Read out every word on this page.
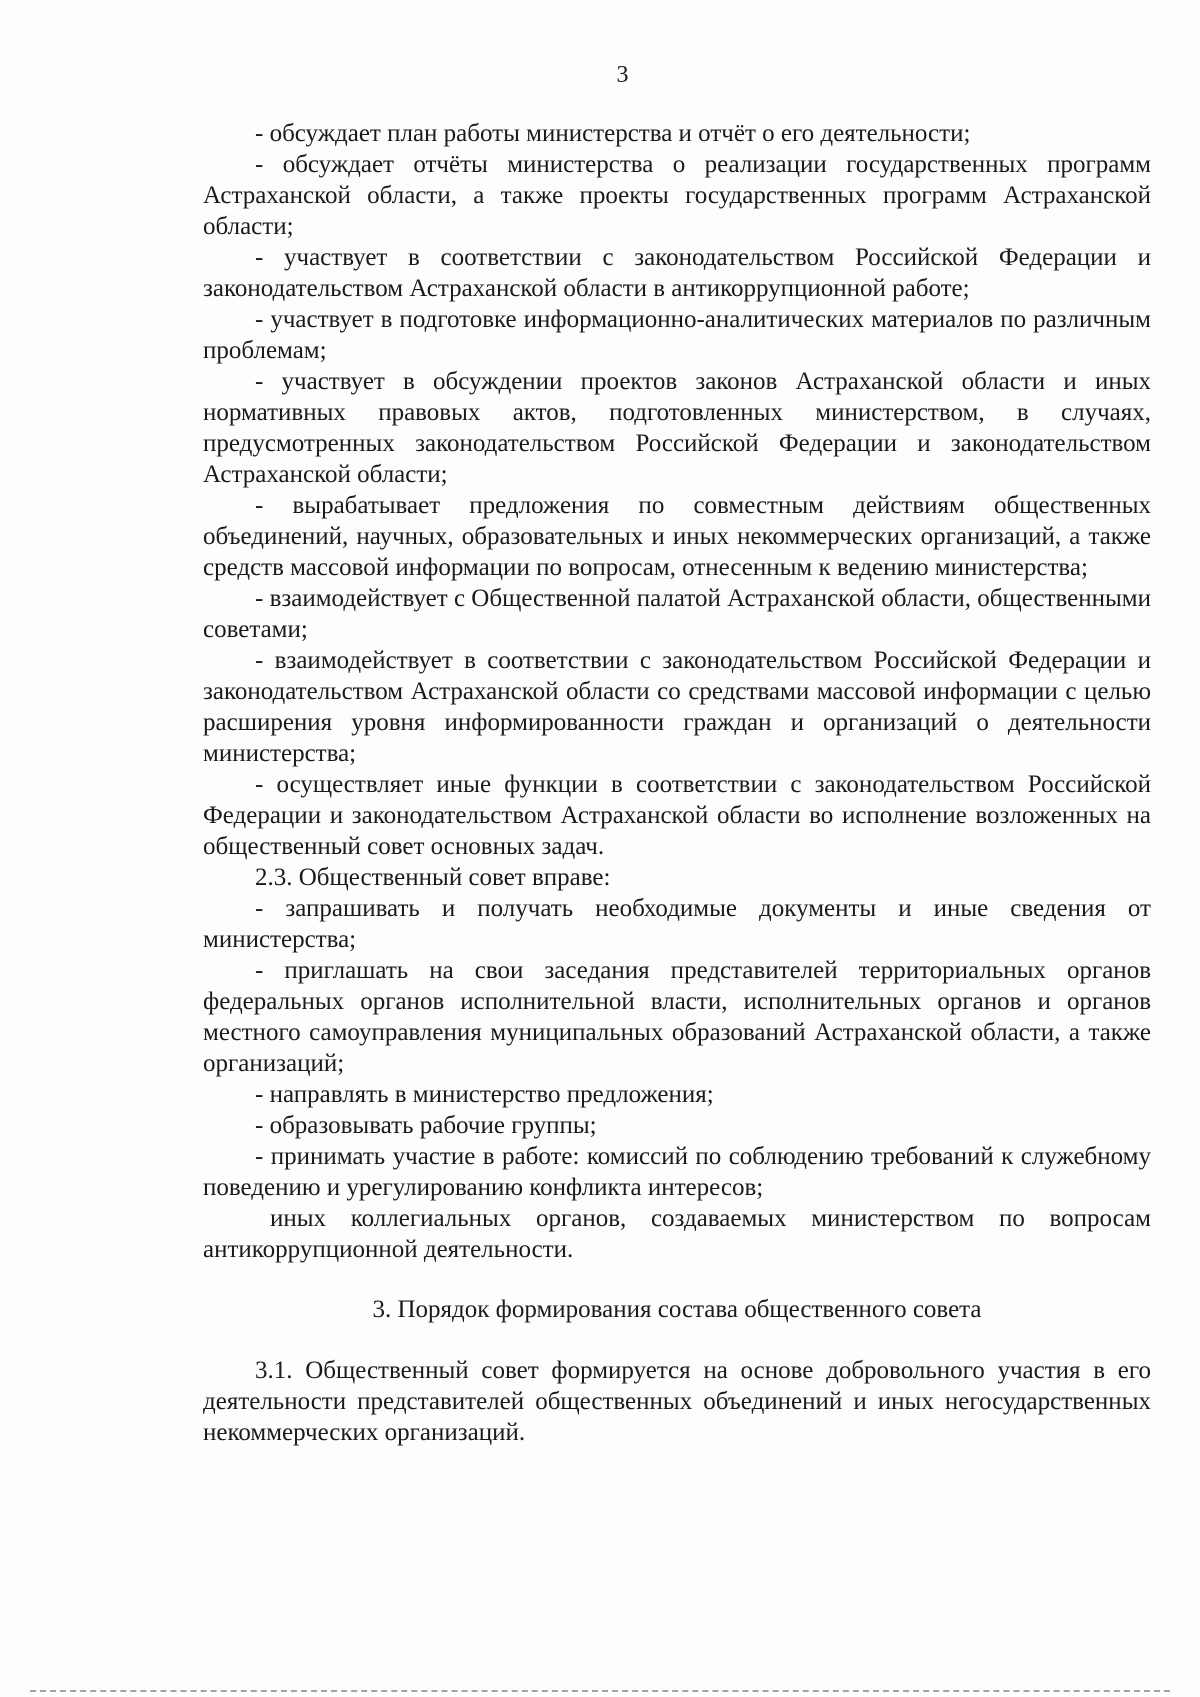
3

- обсуждает план работы министерства и отчёт о его деятельности;

- обсуждает отчёты министерства о реализации государственных программ Астраханской области, а также проекты государственных программ Астраханской области;

- участвует в соответствии с законодательством Российской Федерации и законодательством Астраханской области в антикоррупционной работе;

- участвует в подготовке информационно-аналитических материалов по различным проблемам;

- участвует в обсуждении проектов законов Астраханской области и иных нормативных правовых актов, подготовленных министерством, в случаях, предусмотренных законодательством Российской Федерации и законодательством Астраханской области;

- вырабатывает предложения по совместным действиям общественных объединений, научных, образовательных и иных некоммерческих организаций, а также средств массовой информации по вопросам, отнесенным к ведению министерства;

- взаимодействует с Общественной палатой Астраханской области, общественными советами;

- взаимодействует в соответствии с законодательством Российской Федерации и законодательством Астраханской области со средствами массовой информации с целью расширения уровня информированности граждан и организаций о деятельности министерства;

- осуществляет иные функции в соответствии с законодательством Российской Федерации и законодательством Астраханской области во исполнение возложенных на общественный совет основных задач.

2.3. Общественный совет вправе:

- запрашивать и получать необходимые документы и иные сведения от министерства;

- приглашать на свои заседания представителей территориальных органов федеральных органов исполнительной власти, исполнительных органов и органов местного самоуправления муниципальных образований Астраханской области, а также организаций;

- направлять в министерство предложения;

- образовывать рабочие группы;

- принимать участие в работе: комиссий по соблюдению требований к служебному поведению и урегулированию конфликта интересов;

иных коллегиальных органов, создаваемых министерством по вопросам антикоррупционной деятельности.

3. Порядок формирования состава общественного совета

3.1. Общественный совет формируется на основе добровольного участия в его деятельности представителей общественных объединений и иных негосударственных некоммерческих организаций.
